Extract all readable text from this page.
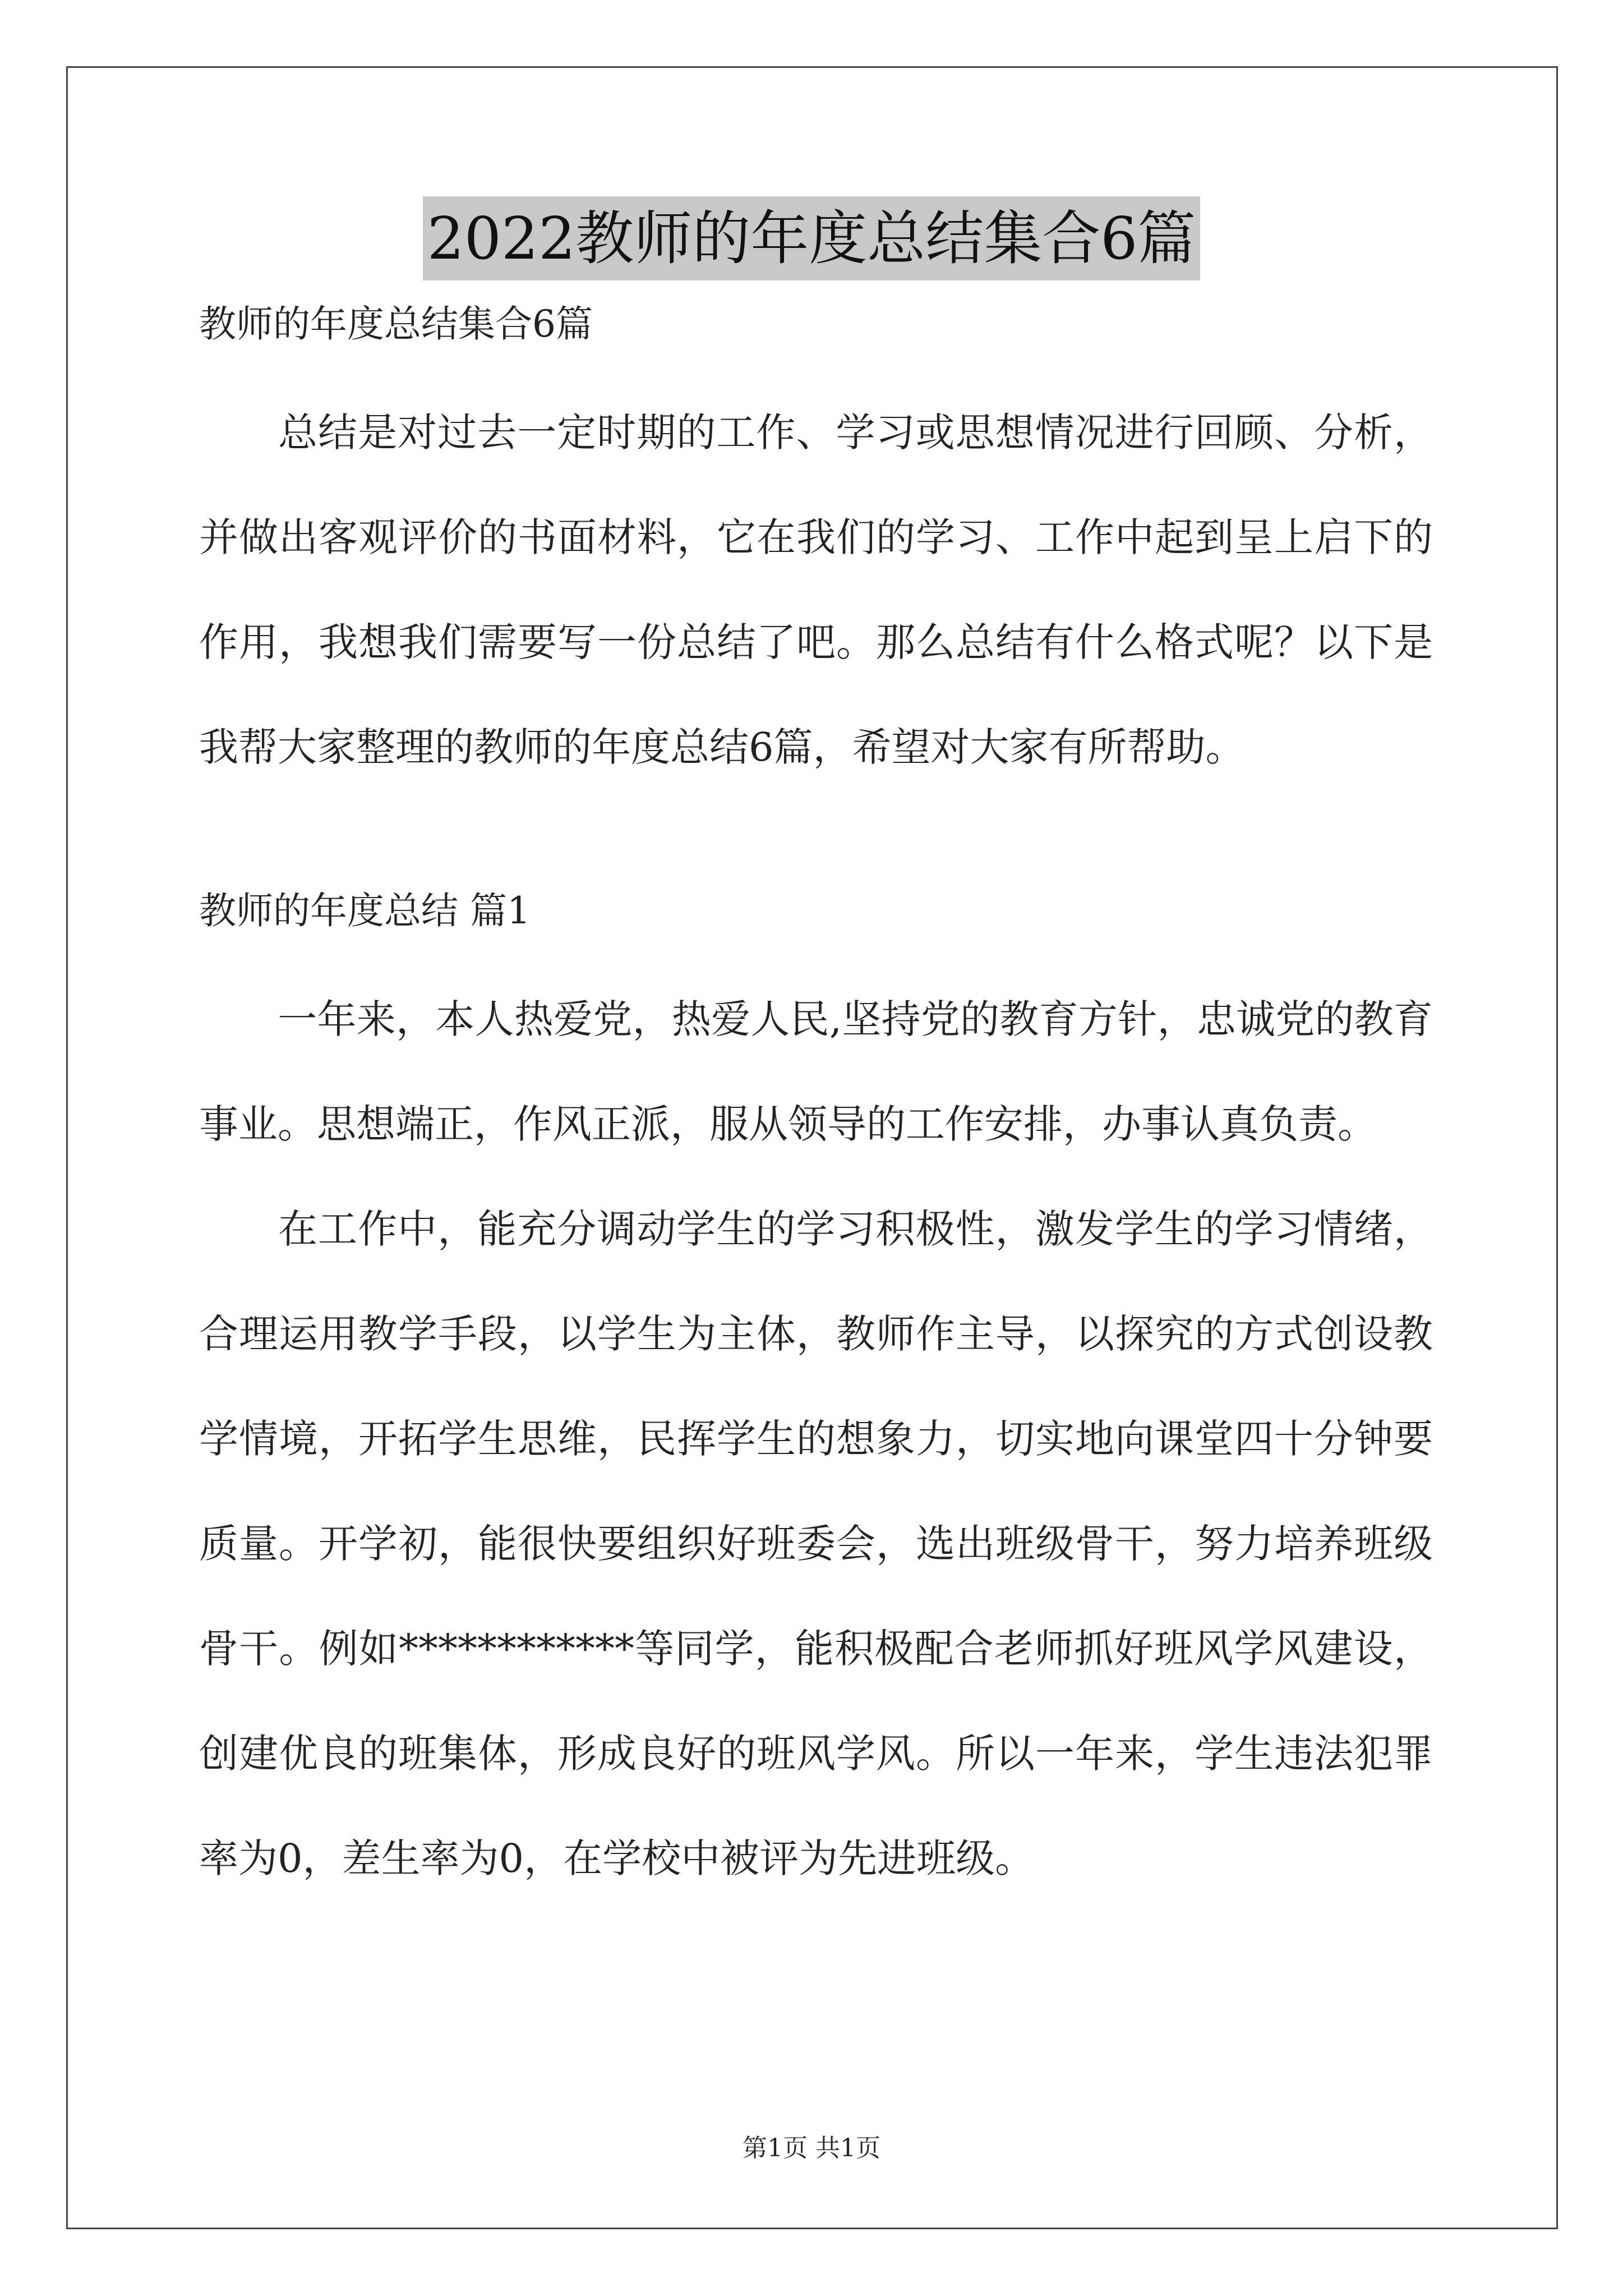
2022教师的年度总结集合6篇

教师的年度总结集合6篇

总结是对过去一定时期的工作、学习或思想情况进行回顾、分析，并做出客观评价的书面材料，它在我们的学习、工作中起到呈上启下的作用，我想我们需要写一份总结了吧。那么总结有什么格式呢？以下是我帮大家整理的教师的年度总结6篇，希望对大家有所帮助。

教师的年度总结 篇1

一年来，本人热爱党，热爱人民,坚持党的教育方针，忠诚党的教育事业。思想端正，作风正派，服从领导的工作安排，办事认真负责。

在工作中，能充分调动学生的学习积极性，激发学生的学习情绪，合理运用教学手段，以学生为主体，教师作主导，以探究的方式创设教学情境，开拓学生思维，民挥学生的想象力，切实地向课堂四十分钟要质量。开学初，能很快要组织好班委会，选出班级骨干，努力培养班级骨干。例如************等同学，能积极配合老师抓好班风学风建设，创建优良的班集体，形成良好的班风学风。所以一年来，学生违法犯罪率为0，差生率为0，在学校中被评为先进班级。

第1页 共1页
